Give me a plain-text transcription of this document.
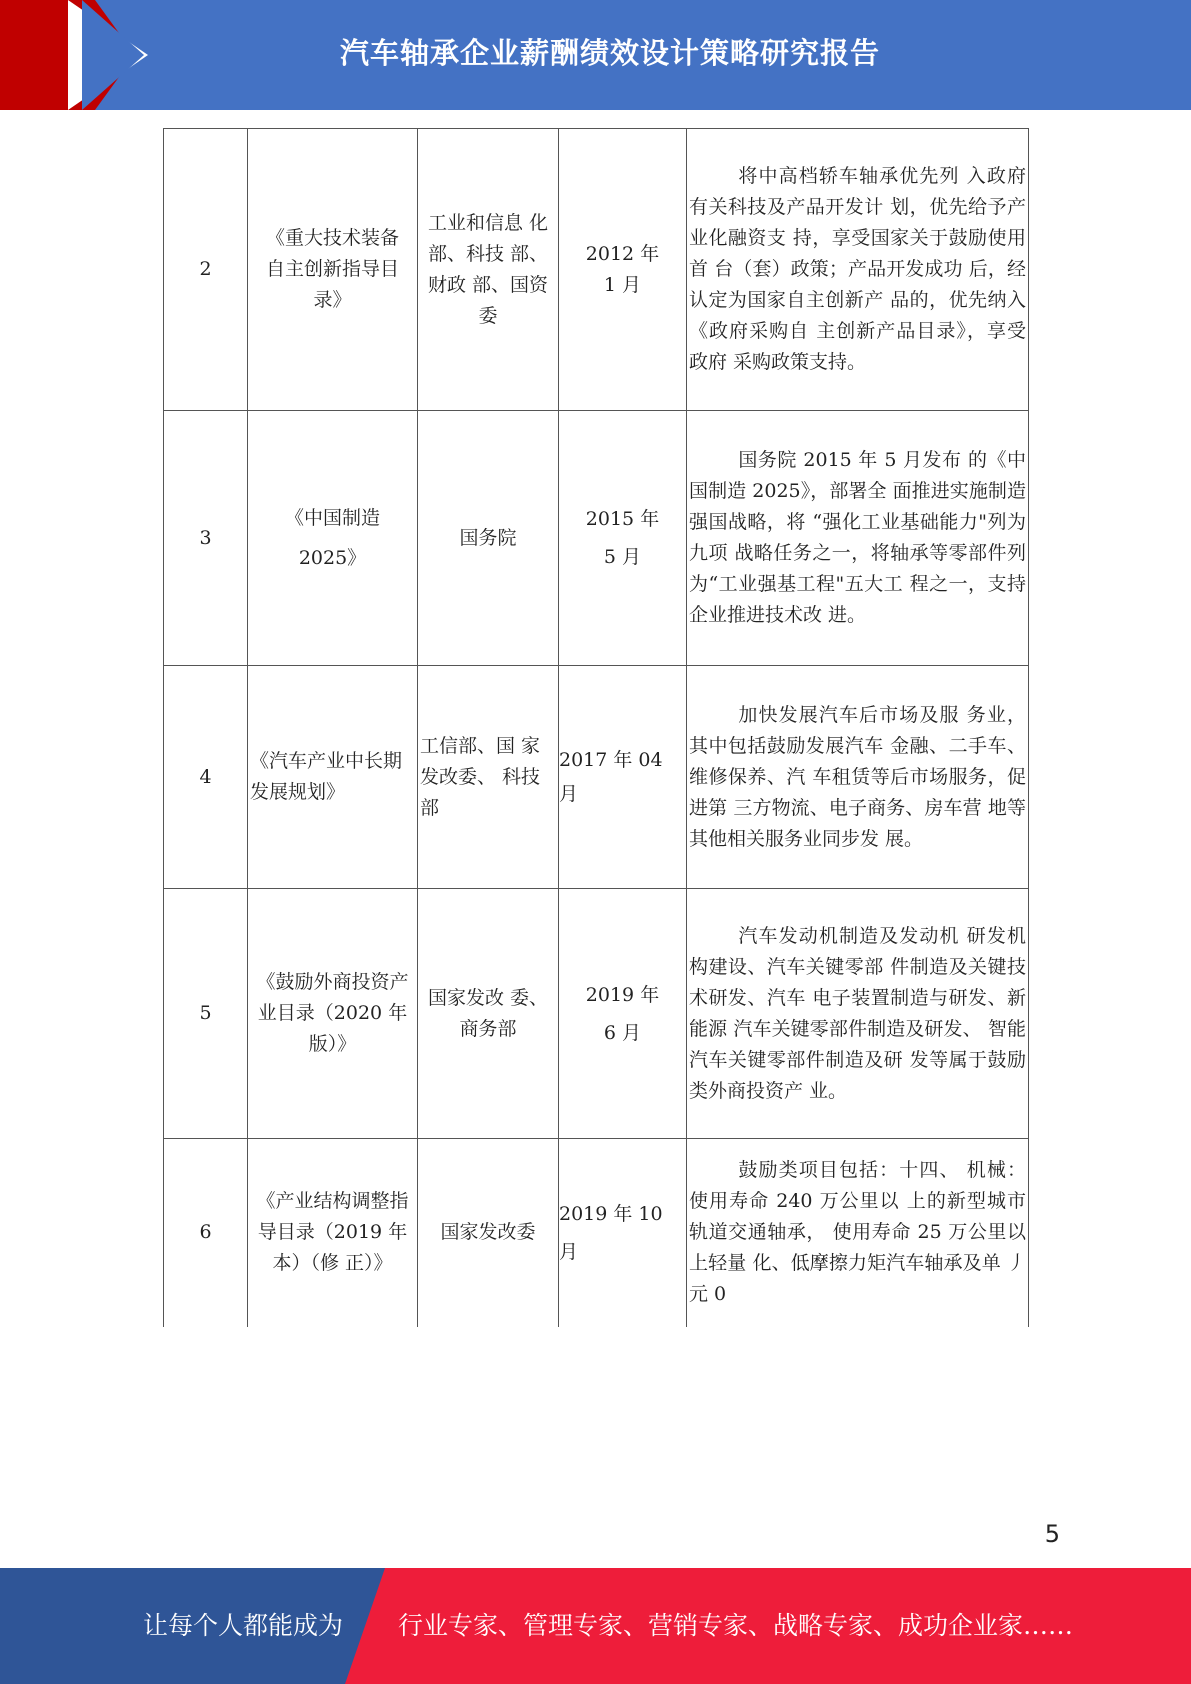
汽车轴承企业薪酬绩效设计策略研究报告
2	《重大技术装备自主创新指导目录》	工业和信息 化部、科技 部、财政 部、国资委	2012 年 1 月	将中高档轿车轴承优先列 入政府有关科技及产品开发计 划，优先给予产业化融资支 持，享受国家关于鼓励使用首 台（套）政策；产品开发成功 后，经认定为国家自主创新产 品的，优先纳入《政府采购自 主创新产品目录》，享受政府 采购政策支持。

3	《中国制造 2025》	国务院	2015 年 5 月	国务院 2015 年 5 月发布 的《中国制造 2025》，部署全 面推进实施制造强国战略，将 “强化工业基础能力"列为九项 战略任务之一，将轴承等零部件列为“工业强基工程"五大工 程之一，支持企业推进技术改 进。

4	《汽车产业中长期发展规划》	工信部、国 家发改委、 科技部	2017 年 04 月	加快发展汽车后市场及服 务业，其中包括鼓励发展汽车 金融、二手车、维修保养、汽 车租赁等后市场服务，促进第 三方物流、电子商务、房车营 地等其他相关服务业同步发 展。

5	《鼓励外商投资产业目录（2020 年版）》	国家发改 委、商务部	2019 年 6 月	汽车发动机制造及发动机 研发机构建设、汽车关键零部 件制造及关键技术研发、汽车 电子装置制造与研发、新能源 汽车关键零部件制造及研发、 智能汽车关键零部件制造及研 发等属于鼓励类外商投资产 业。

6	《产业结构调整指导目录（2019 年本）（修 正）》	国家发改委	2019 年 10 月	鼓励类项目包括：十四、 机械：使用寿命 240 万公里以 上的新型城市轨道交通轴承， 使用寿命 25 万公里以上轻量 化、低摩擦力矩汽车轴承及单 丿元 0
5
让每个人都能成为 行业专家、管理专家、营销专家、战略专家、成功企业家……
